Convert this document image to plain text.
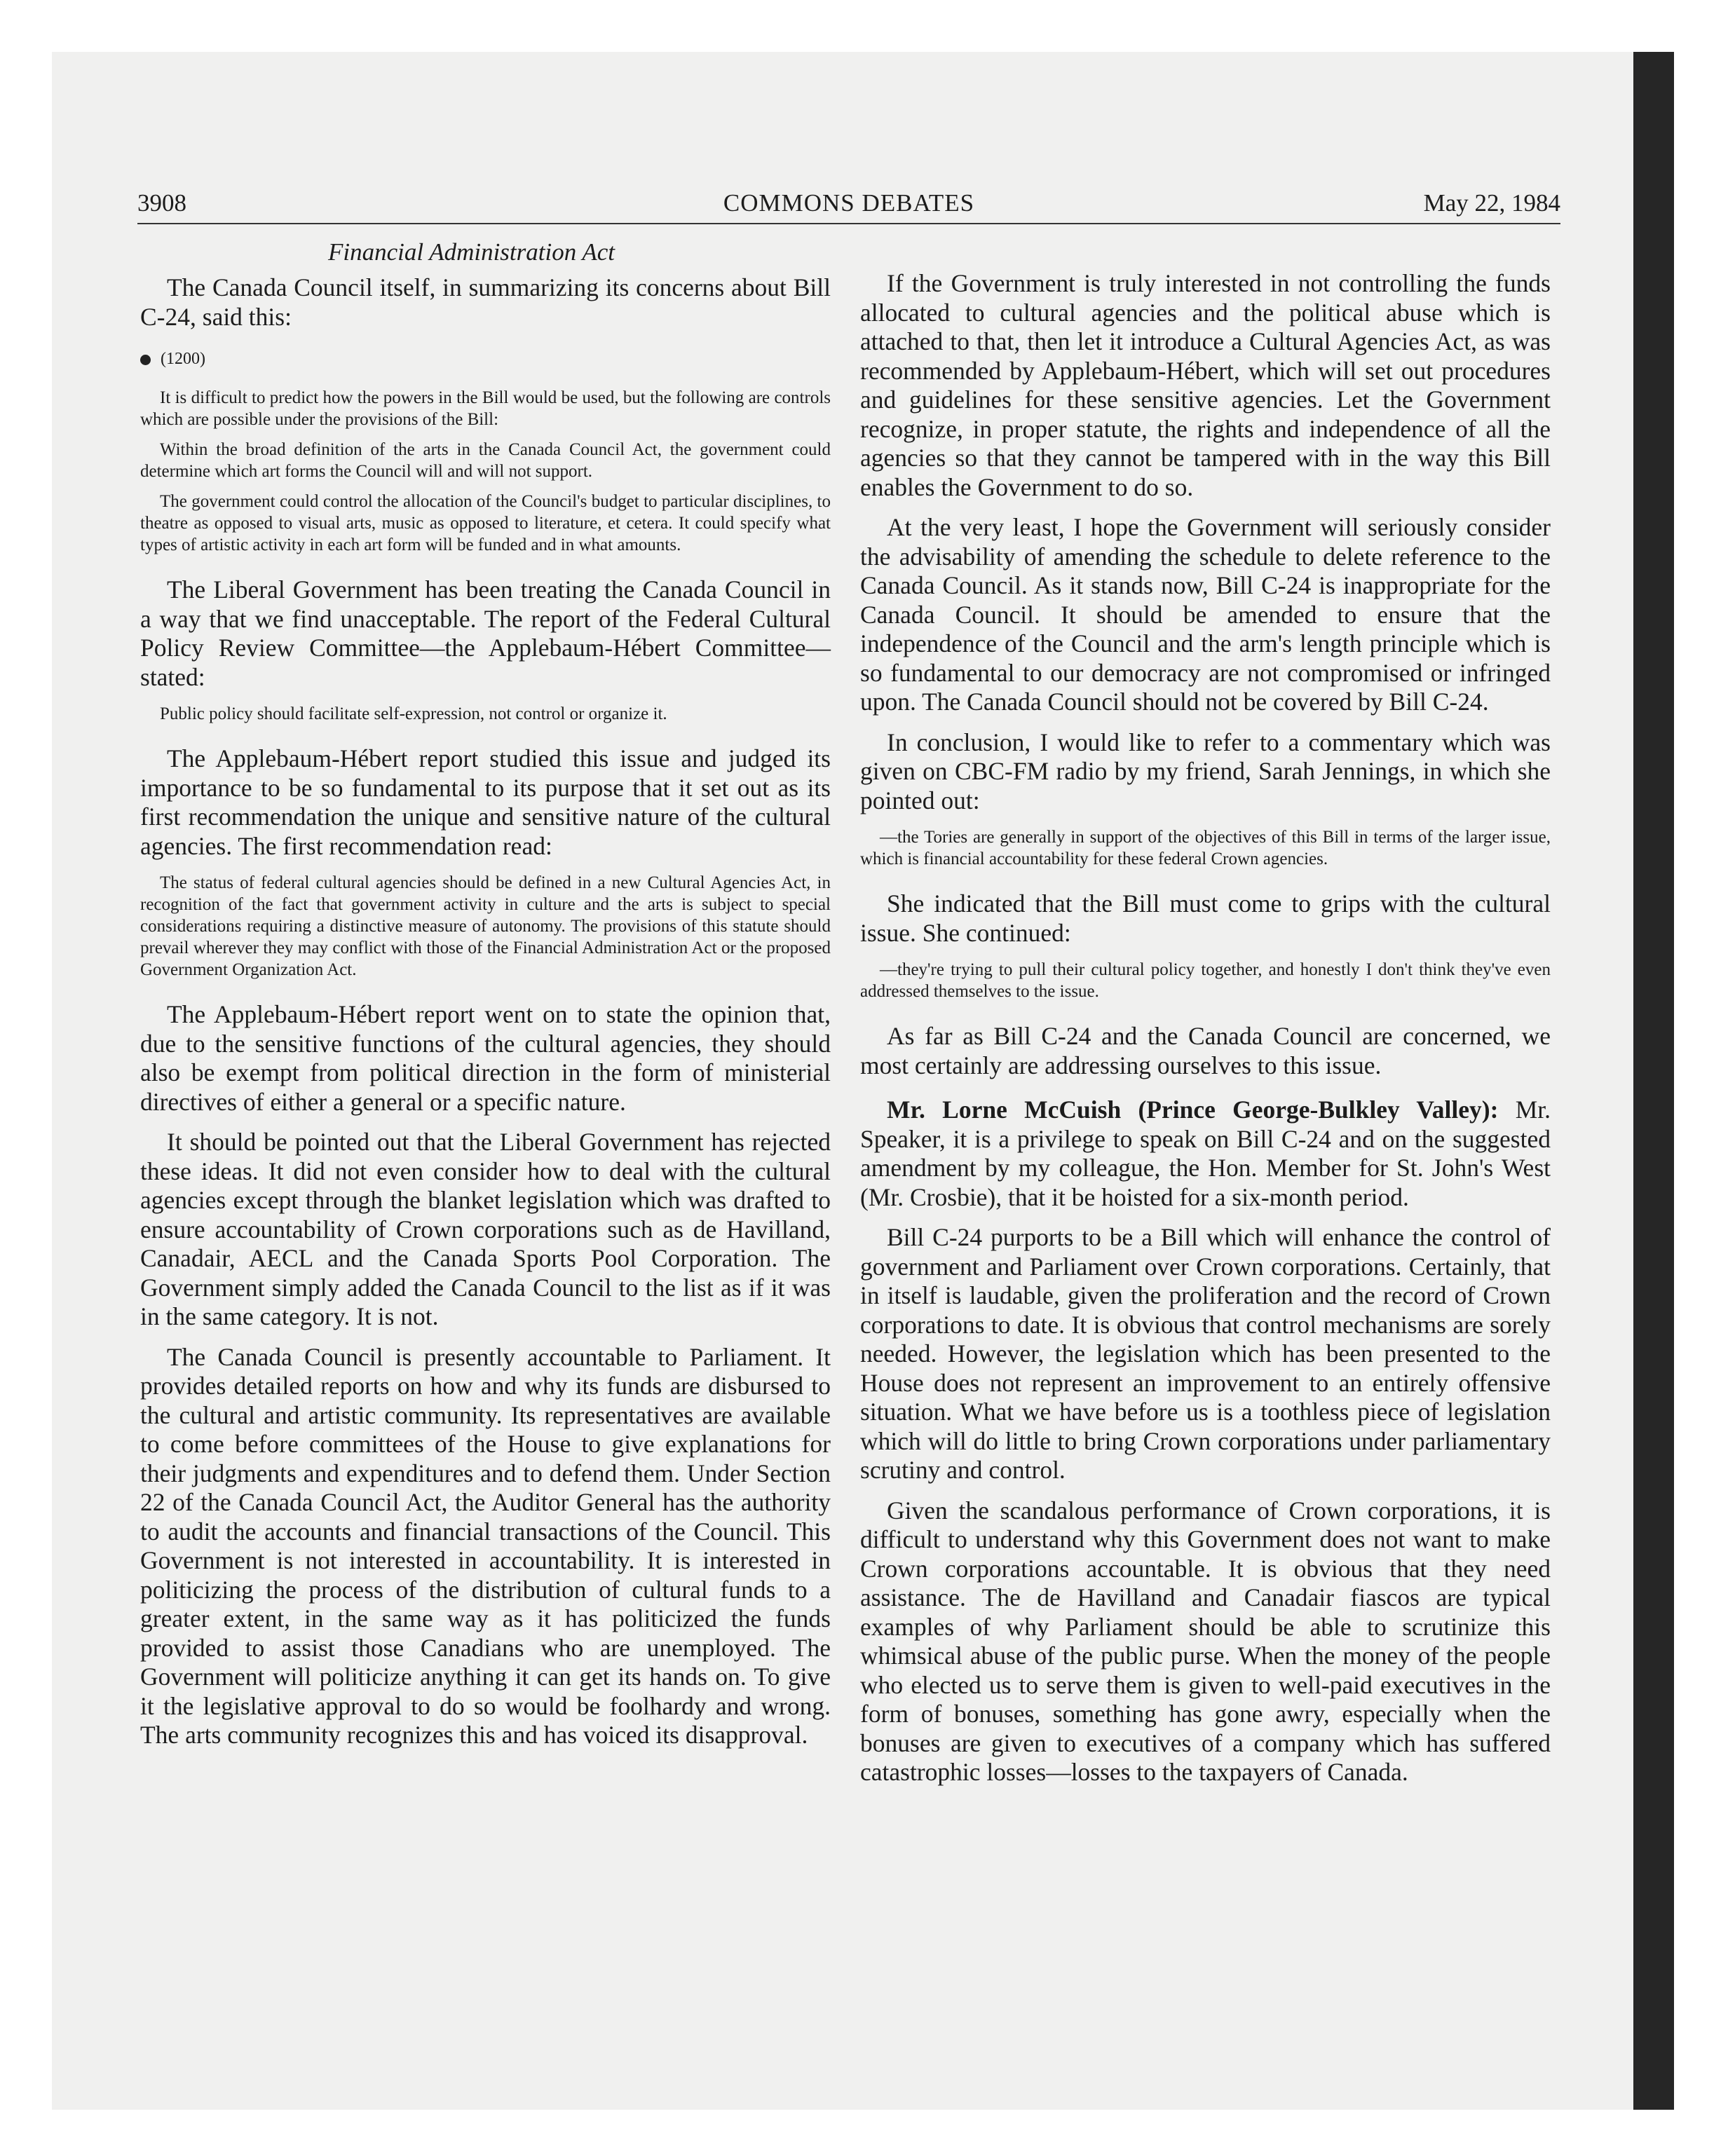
3908	COMMONS DEBATES	May 22, 1984

Financial Administration Act

The Canada Council itself, in summarizing its concerns about Bill C-24, said this:

(1200)

It is difficult to predict how the powers in the Bill would be used, but the following are controls which are possible under the provisions of the Bill:

Within the broad definition of the arts in the Canada Council Act, the government could determine which art forms the Council will and will not support.

The government could control the allocation of the Council's budget to particular disciplines, to theatre as opposed to visual arts, music as opposed to literature, et cetera. It could specify what types of artistic activity in each art form will be funded and in what amounts.

The Liberal Government has been treating the Canada Council in a way that we find unacceptable. The report of the Federal Cultural Policy Review Committee—the Applebaum-Hébert Committee—stated:

Public policy should facilitate self-expression, not control or organize it.

The Applebaum-Hébert report studied this issue and judged its importance to be so fundamental to its purpose that it set out as its first recommendation the unique and sensitive nature of the cultural agencies. The first recommendation read:

The status of federal cultural agencies should be defined in a new Cultural Agencies Act, in recognition of the fact that government activity in culture and the arts is subject to special considerations requiring a distinctive measure of autonomy. The provisions of this statute should prevail wherever they may conflict with those of the Financial Administration Act or the proposed Government Organization Act.

The Applebaum-Hébert report went on to state the opinion that, due to the sensitive functions of the cultural agencies, they should also be exempt from political direction in the form of ministerial directives of either a general or a specific nature.

It should be pointed out that the Liberal Government has rejected these ideas. It did not even consider how to deal with the cultural agencies except through the blanket legislation which was drafted to ensure accountability of Crown corporations such as de Havilland, Canadair, AECL and the Canada Sports Pool Corporation. The Government simply added the Canada Council to the list as if it was in the same category. It is not.

The Canada Council is presently accountable to Parliament. It provides detailed reports on how and why its funds are disbursed to the cultural and artistic community. Its representatives are available to come before committees of the House to give explanations for their judgments and expenditures and to defend them. Under Section 22 of the Canada Council Act, the Auditor General has the authority to audit the accounts and financial transactions of the Council. This Government is not interested in accountability. It is interested in politicizing the process of the distribution of cultural funds to a greater extent, in the same way as it has politicized the funds provided to assist those Canadians who are unemployed. The Government will politicize anything it can get its hands on. To give it the legislative approval to do so would be foolhardy and wrong. The arts community recognizes this and has voiced its disapproval.

If the Government is truly interested in not controlling the funds allocated to cultural agencies and the political abuse which is attached to that, then let it introduce a Cultural Agencies Act, as was recommended by Applebaum-Hébert, which will set out procedures and guidelines for these sensitive agencies. Let the Government recognize, in proper statute, the rights and independence of all the agencies so that they cannot be tampered with in the way this Bill enables the Government to do so.

At the very least, I hope the Government will seriously consider the advisability of amending the schedule to delete reference to the Canada Council. As it stands now, Bill C-24 is inappropriate for the Canada Council. It should be amended to ensure that the independence of the Council and the arm's length principle which is so fundamental to our democracy are not compromised or infringed upon. The Canada Council should not be covered by Bill C-24.

In conclusion, I would like to refer to a commentary which was given on CBC-FM radio by my friend, Sarah Jennings, in which she pointed out:

—the Tories are generally in support of the objectives of this Bill in terms of the larger issue, which is financial accountability for these federal Crown agencies.

She indicated that the Bill must come to grips with the cultural issue. She continued:

—they're trying to pull their cultural policy together, and honestly I don't think they've even addressed themselves to the issue.

As far as Bill C-24 and the Canada Council are concerned, we most certainly are addressing ourselves to this issue.

Mr. Lorne McCuish (Prince George-Bulkley Valley): Mr. Speaker, it is a privilege to speak on Bill C-24 and on the suggested amendment by my colleague, the Hon. Member for St. John's West (Mr. Crosbie), that it be hoisted for a six-month period.

Bill C-24 purports to be a Bill which will enhance the control of government and Parliament over Crown corporations. Certainly, that in itself is laudable, given the proliferation and the record of Crown corporations to date. It is obvious that control mechanisms are sorely needed. However, the legislation which has been presented to the House does not represent an improvement to an entirely offensive situation. What we have before us is a toothless piece of legislation which will do little to bring Crown corporations under parliamentary scrutiny and control.

Given the scandalous performance of Crown corporations, it is difficult to understand why this Government does not want to make Crown corporations accountable. It is obvious that they need assistance. The de Havilland and Canadair fiascos are typical examples of why Parliament should be able to scrutinize this whimsical abuse of the public purse. When the money of the people who elected us to serve them is given to well-paid executives in the form of bonuses, something has gone awry, especially when the bonuses are given to executives of a company which has suffered catastrophic losses—losses to the taxpayers of Canada.
